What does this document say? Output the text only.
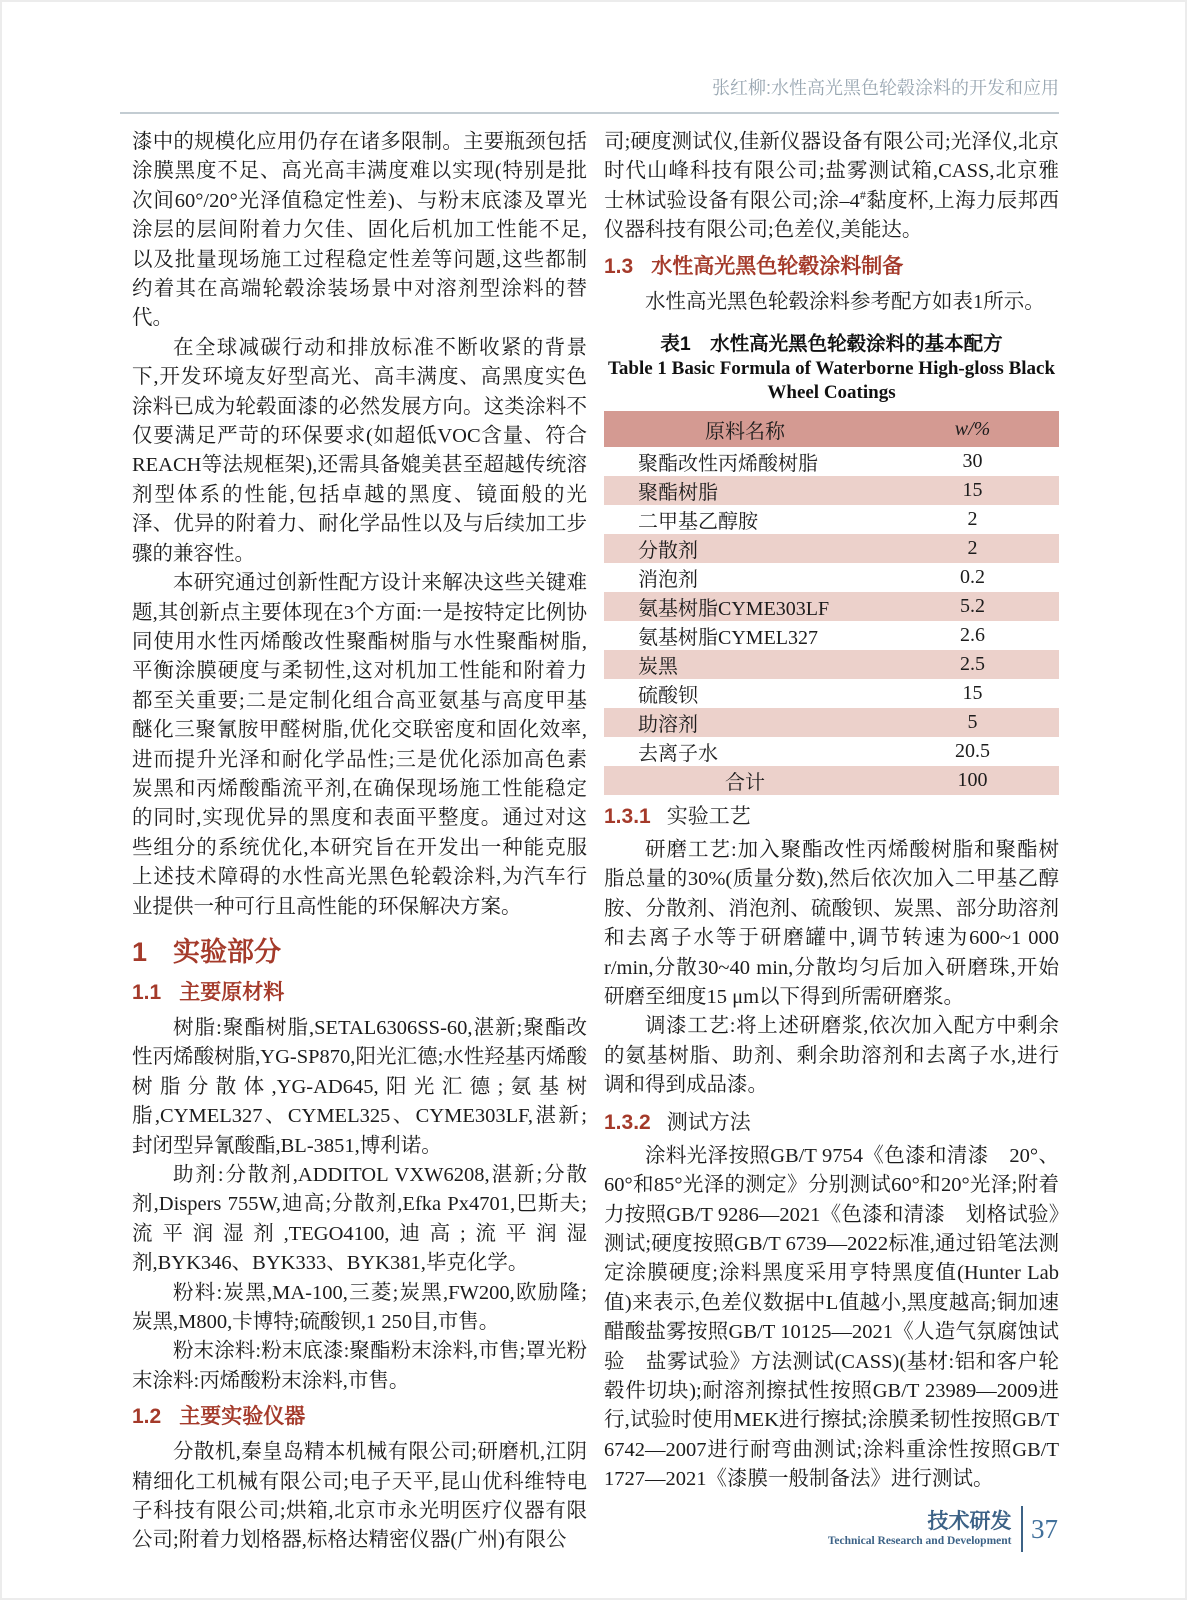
张红柳:水性高光黑色轮毂涂料的开发和应用

漆中的规模化应用仍存在诸多限制。主要瓶颈包括涂膜黑度不足、高光高丰满度难以实现(特别是批次间60°/20°光泽值稳定性差)、与粉末底漆及罩光涂层的层间附着力欠佳、固化后机加工性能不足,以及批量现场施工过程稳定性差等问题,这些都制约着其在高端轮毂涂装场景中对溶剂型涂料的替代。

在全球减碳行动和排放标准不断收紧的背景下,开发环境友好型高光、高丰满度、高黑度实色涂料已成为轮毂面漆的必然发展方向。这类涂料不仅要满足严苛的环保要求(如超低VOC含量、符合REACH等法规框架),还需具备媲美甚至超越传统溶剂型体系的性能,包括卓越的黑度、镜面般的光泽、优异的附着力、耐化学品性以及与后续加工步骤的兼容性。

本研究通过创新性配方设计来解决这些关键难题,其创新点主要体现在3个方面:一是按特定比例协同使用水性丙烯酸改性聚酯树脂与水性聚酯树脂,平衡涂膜硬度与柔韧性,这对机加工性能和附着力都至关重要;二是定制化组合高亚氨基与高度甲基醚化三聚氰胺甲醛树脂,优化交联密度和固化效率,进而提升光泽和耐化学品性;三是优化添加高色素炭黑和丙烯酸酯流平剂,在确保现场施工性能稳定的同时,实现优异的黑度和表面平整度。通过对这些组分的系统优化,本研究旨在开发出一种能克服上述技术障碍的水性高光黑色轮毂涂料,为汽车行业提供一种可行且高性能的环保解决方案。

1 实验部分
1.1 主要原材料

树脂:聚酯树脂,SETAL6306SS-60,湛新;聚酯改性丙烯酸树脂,YG-SP870,阳光汇德;水性羟基丙烯酸树脂分散体,YG-AD645,阳光汇德;氨基树脂,CYMEL327、CYMEL325、CYME303LF,湛新;封闭型异氰酸酯,BL-3851,博利诺。

助剂:分散剂,ADDITOL VXW6208,湛新;分散剂,Dispers 755W,迪高;分散剂,Efka Px4701,巴斯夫;流平润湿剂,TEGO4100,迪高;流平润湿剂,BYK346、BYK333、BYK381,毕克化学。

粉料:炭黑,MA-100,三菱;炭黑,FW200,欧励隆;炭黑,M800,卡博特;硫酸钡,1 250目,市售。

粉末涂料:粉末底漆:聚酯粉末涂料,市售;罩光粉末涂料:丙烯酸粉末涂料,市售。

1.2 主要实验仪器

分散机,秦皇岛精本机械有限公司;研磨机,江阴精细化工机械有限公司;电子天平,昆山优科维特电子科技有限公司;烘箱,北京市永光明医疗仪器有限公司;附着力划格器,标格达精密仪器(广州)有限公

司;硬度测试仪,佳新仪器设备有限公司;光泽仪,北京时代山峰科技有限公司;盐雾测试箱,CASS,北京雅士林试验设备有限公司;涂–4#黏度杯,上海力辰邦西仪器科技有限公司;色差仪,美能达。

1.3 水性高光黑色轮毂涂料制备

水性高光黑色轮毂涂料参考配方如表1所示。

表1　水性高光黑色轮毂涂料的基本配方
Table 1 Basic Formula of Waterborne High-gloss Black
Wheel Coatings
原料名称	w/%
聚酯改性丙烯酸树脂	30
聚酯树脂	15
二甲基乙醇胺	2
分散剂	2
消泡剂	0.2
氨基树脂CYME303LF	5.2
氨基树脂CYMEL327	2.6
炭黑	2.5
硫酸钡	15
助溶剂	5
去离子水	20.5
合计	100
1.3.1 实验工艺

研磨工艺:加入聚酯改性丙烯酸树脂和聚酯树脂总量的30%(质量分数),然后依次加入二甲基乙醇胺、分散剂、消泡剂、硫酸钡、炭黑、部分助溶剂和去离子水等于研磨罐中,调节转速为600~1 000 r/min,分散30~40 min,分散均匀后加入研磨珠,开始研磨至细度15 μm以下得到所需研磨浆。

调漆工艺:将上述研磨浆,依次加入配方中剩余的氨基树脂、助剂、剩余助溶剂和去离子水,进行调和得到成品漆。

1.3.2 测试方法

涂料光泽按照GB/T 9754《色漆和清漆　20°、60°和85°光泽的测定》分别测试60°和20°光泽;附着力按照GB/T 9286—2021《色漆和清漆　划格试验》测试;硬度按照GB/T 6739—2022标准,通过铅笔法测定涂膜硬度;涂料黑度采用亨特黑度值(Hunter Lab值)来表示,色差仪数据中L值越小,黑度越高;铜加速醋酸盐雾按照GB/T 10125—2021《人造气氛腐蚀试验　盐雾试验》方法测试(CASS)(基材:铝和客户轮毂件切块);耐溶剂擦拭性按照GB/T 23989—2009进行,试验时使用MEK进行擦拭;涂膜柔韧性按照GB/T 6742—2007进行耐弯曲测试;涂料重涂性按照GB/T 1727—2021《漆膜一般制备法》进行测试。

技术研发
Technical Research and Development 37
